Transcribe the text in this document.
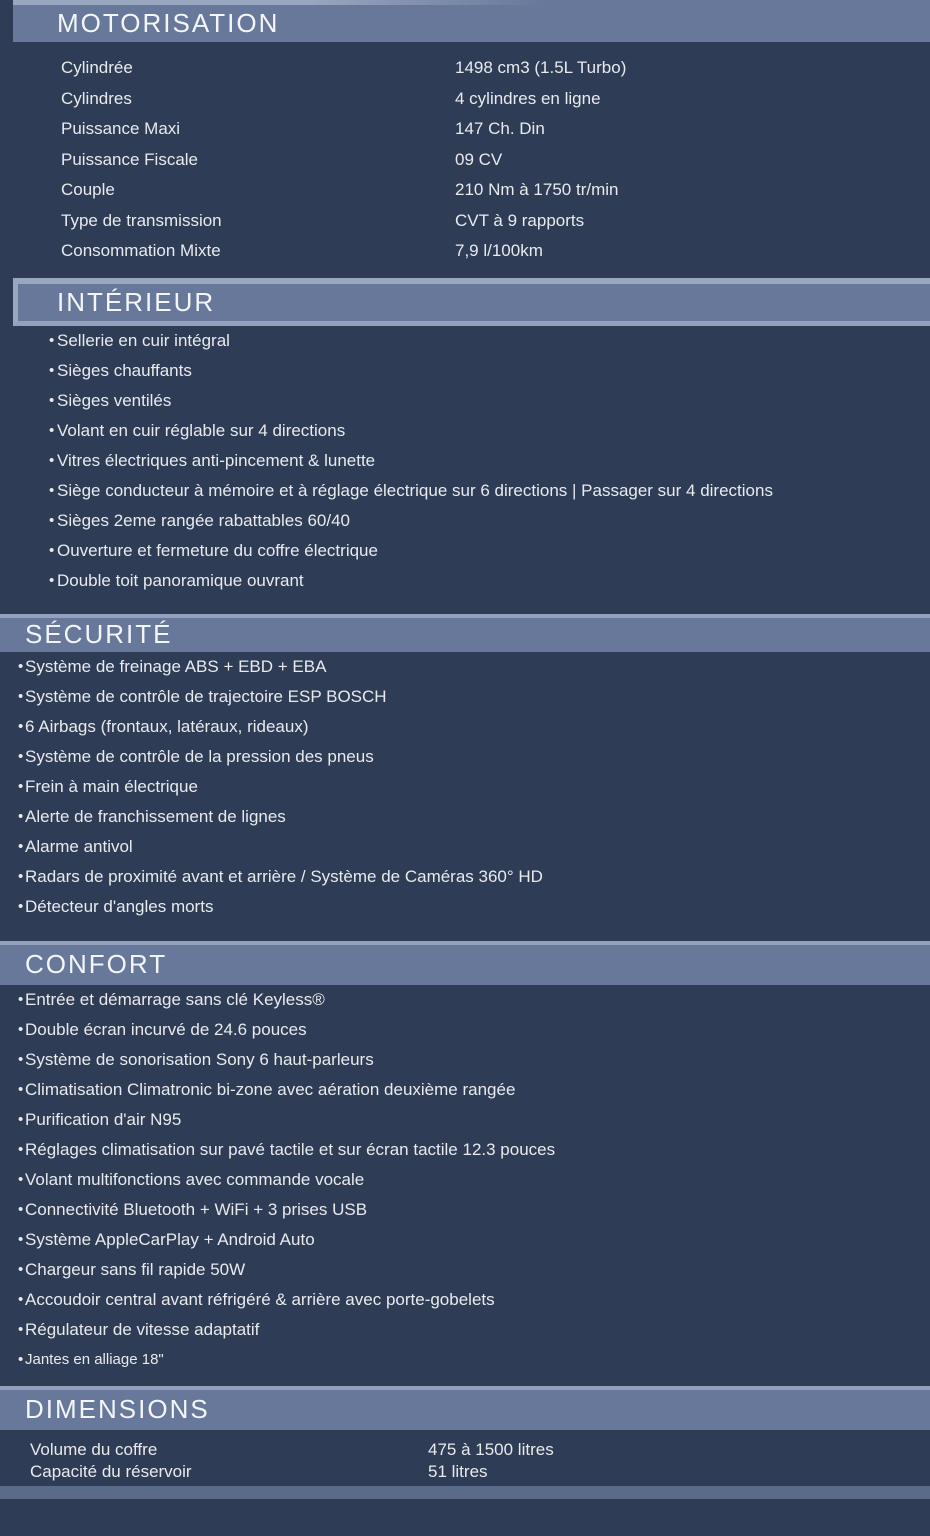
MOTORISATION
Cylindrée	1498 cm3 (1.5L Turbo)
Cylindres	4 cylindres en ligne
Puissance Maxi	147 Ch. Din
Puissance Fiscale	09 CV
Couple	210 Nm à 1750 tr/min
Type de transmission	CVT à 9 rapports
Consommation Mixte	7,9 l/100km
INTÉRIEUR
• Sellerie en cuir intégral
• Sièges chauffants
• Sièges ventilés
• Volant en cuir réglable sur 4 directions
• Vitres électriques anti-pincement & lunette
• Siège conducteur à mémoire et à réglage électrique sur 6 directions | Passager sur 4 directions
• Sièges 2eme rangée rabattables 60/40
• Ouverture et fermeture du coffre électrique
• Double toit panoramique ouvrant
SÉCURITÉ
• Système de freinage ABS + EBD + EBA
• Système de contrôle de trajectoire ESP BOSCH
• 6 Airbags (frontaux, latéraux, rideaux)
• Système de contrôle de la pression des pneus
• Frein à main électrique
• Alerte de franchissement de lignes
• Alarme antivol
• Radars de proximité avant et arrière / Système de Caméras 360° HD
• Détecteur d'angles morts
CONFORT
• Entrée et démarrage sans clé Keyless®
• Double écran incurvé de 24.6 pouces
• Système de sonorisation Sony 6 haut-parleurs
• Climatisation Climatronic bi-zone avec aération deuxième rangée
• Purification d'air N95
• Réglages climatisation sur pavé tactile et sur écran tactile 12.3 pouces
• Volant multifonctions avec commande vocale
• Connectivité Bluetooth + WiFi + 3 prises USB
• Système AppleCarPlay + Android Auto
• Chargeur sans fil rapide 50W
• Accoudoir central avant réfrigéré & arrière avec porte-gobelets
• Régulateur de vitesse adaptatif
• Jantes en alliage 18"
DIMENSIONS
Volume du coffre	475 à 1500 litres
Capacité du réservoir	51 litres
